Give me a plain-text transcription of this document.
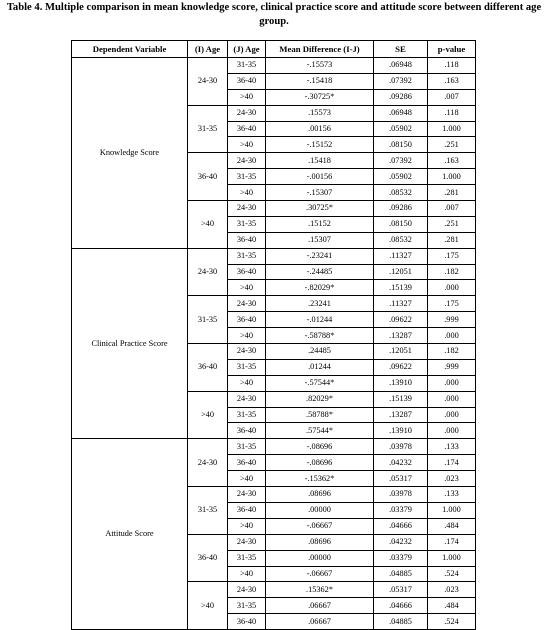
Table 4. Multiple comparison in mean knowledge score, clinical practice score and attitude score between different age group.
Dependent Variable	(I) Age	(J) Age	Mean Difference (I-J)	SE	p-value
Knowledge Score	24-30	31-35	-.15573	.06948	.118
		36-40	-.15418	.07392	.163
		>40	-.30725*	.09286	.007
	31-35	24-30	.15573	.06948	.118
		36-40	.00156	.05902	1.000
		>40	-.15152	.08150	.251
	36-40	24-30	.15418	.07392	.163
		31-35	-.00156	.05902	1.000
		>40	-.15307	.08532	.281
	>40	24-30	.30725*	.09286	.007
		31-35	.15152	.08150	.251
		36-40	.15307	.08532	.281
Clinical Practice Score	24-30	31-35	-.23241	.11327	.175
		36-40	-.24485	.12051	.182
		>40	-.82029*	.15139	.000
	31-35	24-30	.23241	.11327	.175
		36-40	-.01244	.09622	.999
		>40	-.58788*	.13287	.000
	36-40	24-30	.24485	.12051	.182
		31-35	.01244	.09622	.999
		>40	-.57544*	.13910	.000
	>40	24-30	.82029*	.15139	.000
		31-35	.58788*	.13287	.000
		36-40	.57544*	.13910	.000
Attitude Score	24-30	31-35	-.08696	.03978	.133
		36-40	-.08696	.04232	.174
		>40	-.15362*	.05317	.023
	31-35	24-30	.08696	.03978	.133
		36-40	.00000	.03379	1.000
		>40	-.06667	.04666	.484
	36-40	24-30	.08696	.04232	.174
		31-35	.00000	.03379	1.000
		>40	-.06667	.04885	.524
	>40	24-30	.15362*	.05317	.023
		31-35	.06667	.04666	.484
		36-40	.06667	.04885	.524
